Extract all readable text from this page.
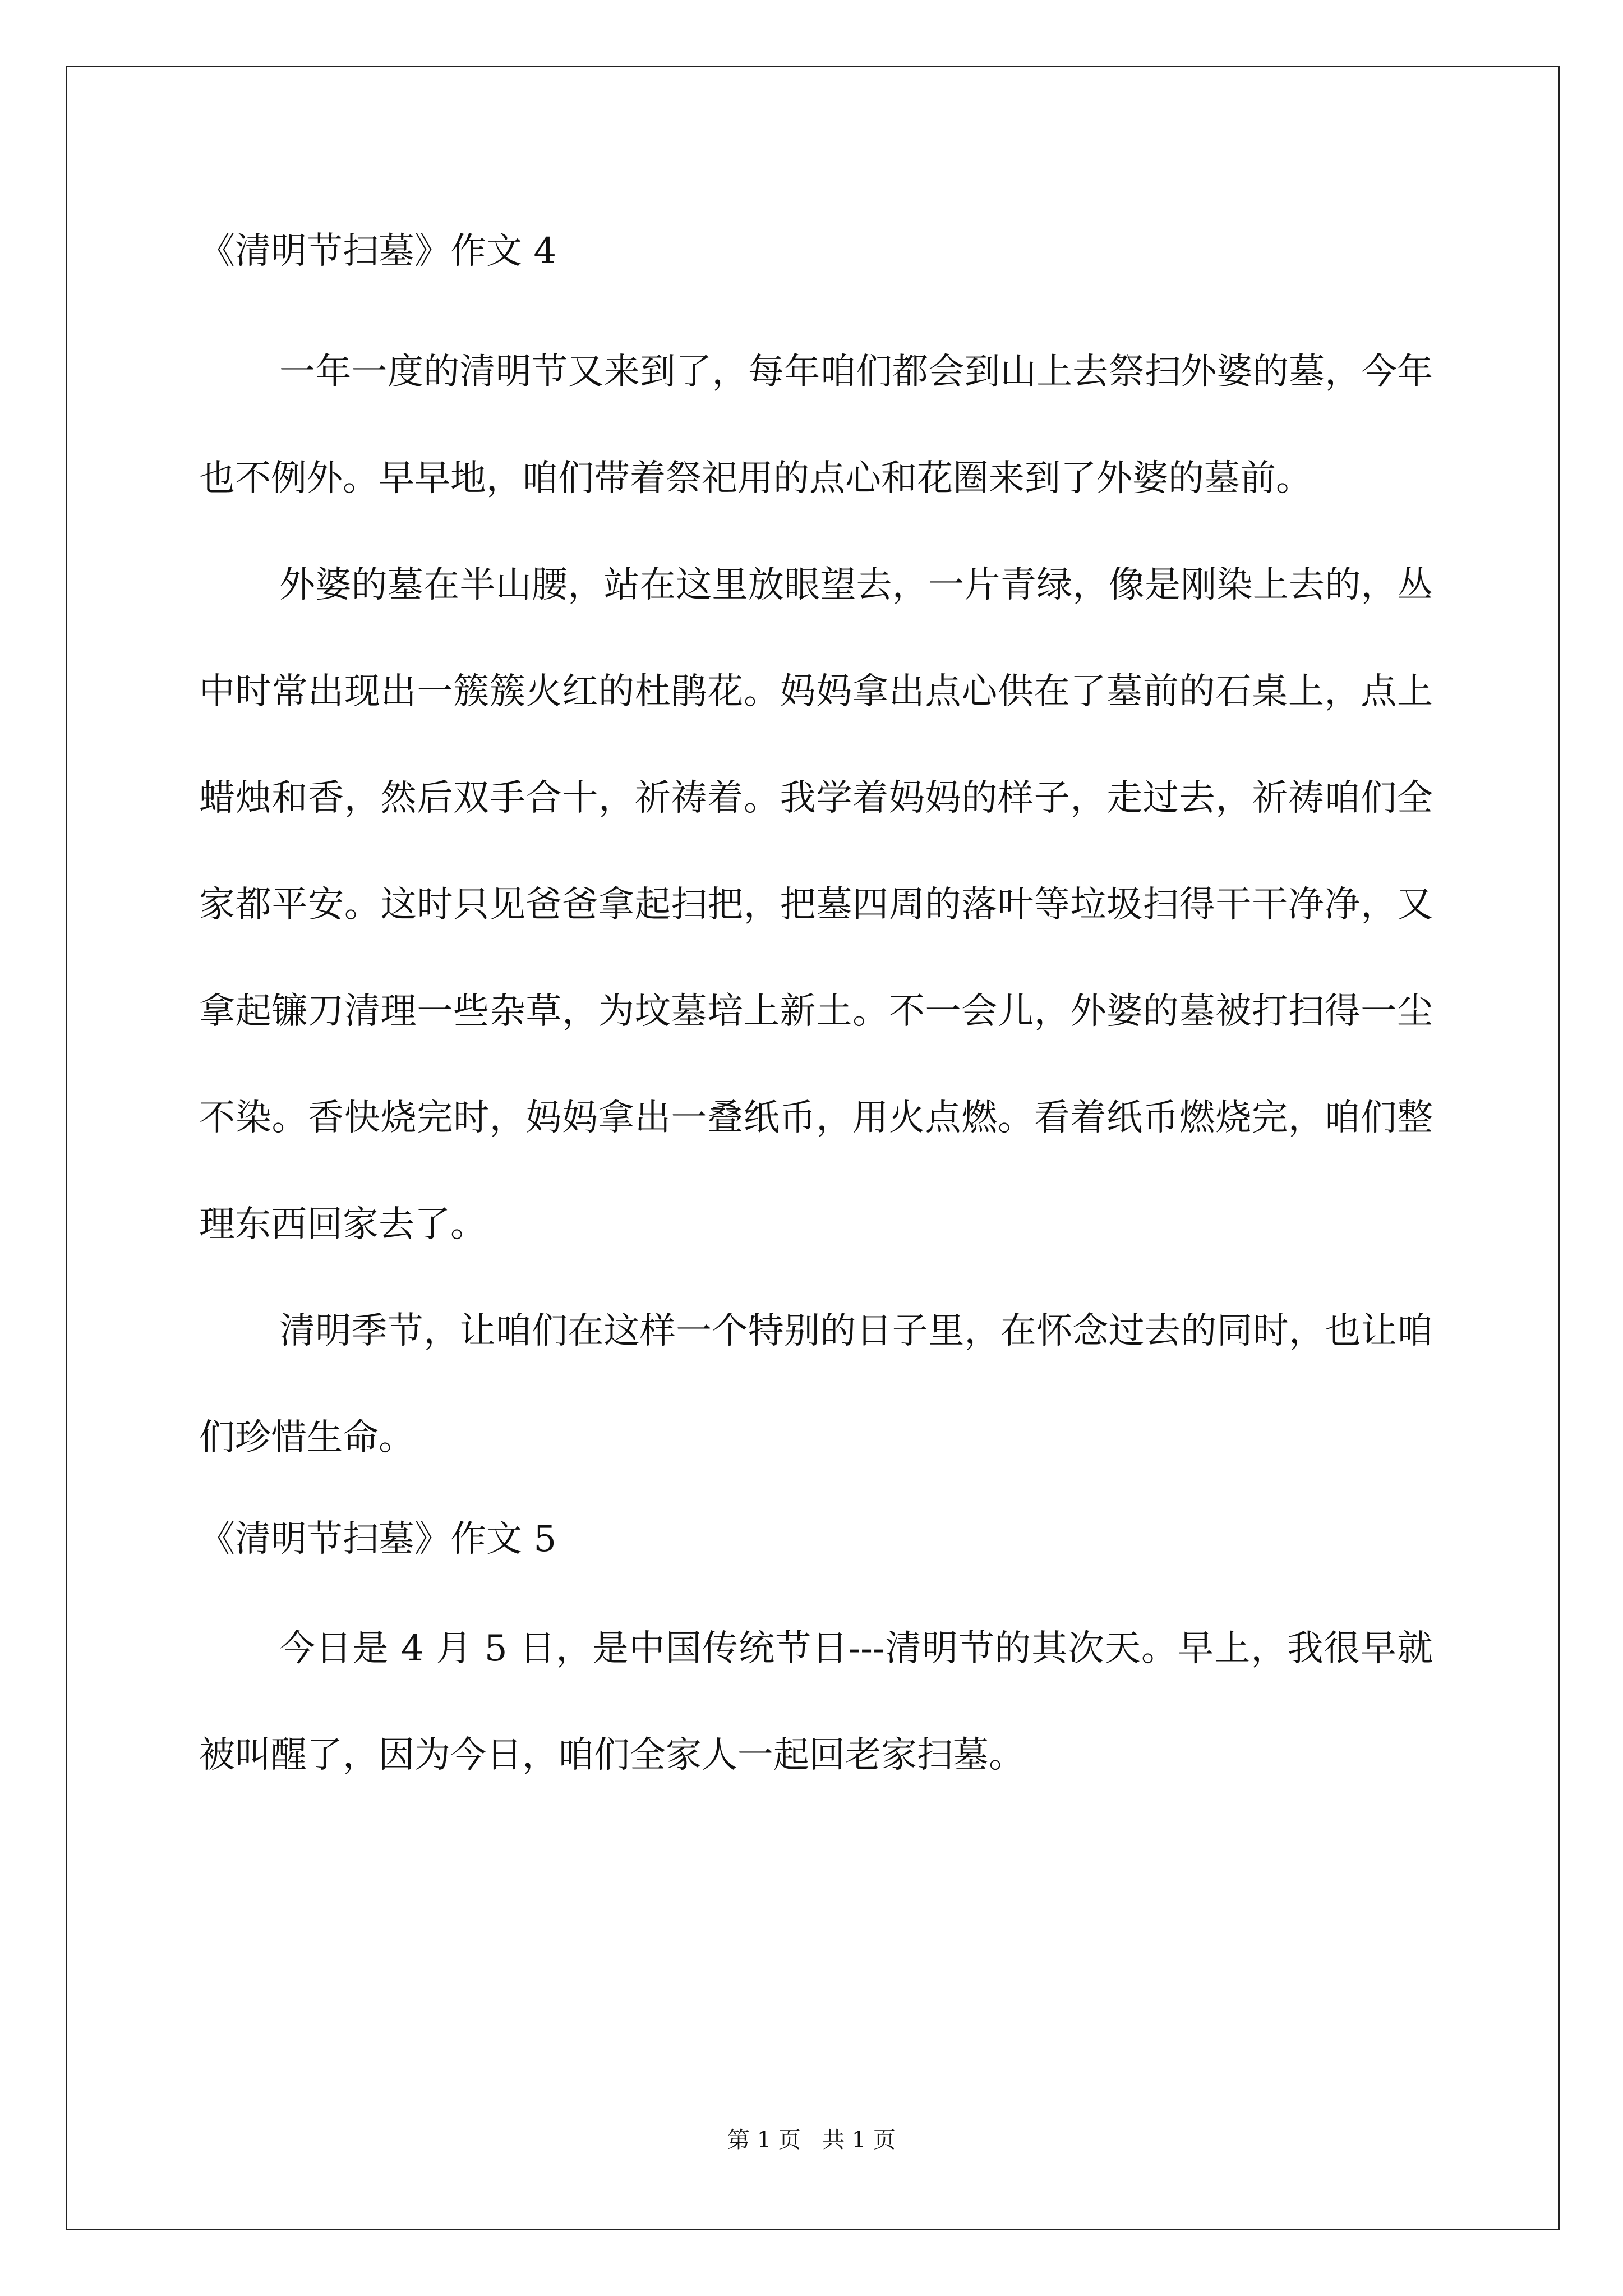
《清明节扫墓》作文 4

一年一度的清明节又来到了，每年咱们都会到山上去祭扫外婆的墓，今年也不例外。早早地，咱们带着祭祀用的点心和花圈来到了外婆的墓前。

外婆的墓在半山腰，站在这里放眼望去，一片青绿，像是刚染上去的，丛中时常出现出一簇簇火红的杜鹃花。妈妈拿出点心供在了墓前的石桌上，点上蜡烛和香，然后双手合十，祈祷着。我学着妈妈的样子，走过去，祈祷咱们全家都平安。这时只见爸爸拿起扫把，把墓四周的落叶等垃圾扫得干干净净，又拿起镰刀清理一些杂草，为坟墓培上新土。不一会儿，外婆的墓被打扫得一尘不染。香快烧完时，妈妈拿出一叠纸币，用火点燃。看着纸币燃烧完，咱们整理东西回家去了。

清明季节，让咱们在这样一个特别的日子里，在怀念过去的同时，也让咱们珍惜生命。

《清明节扫墓》作文 5

今日是 4 月 5 日，是中国传统节日---清明节的其次天。早上，我很早就被叫醒了，因为今日，咱们全家人一起回老家扫墓。

第 1 页 共 1 页
